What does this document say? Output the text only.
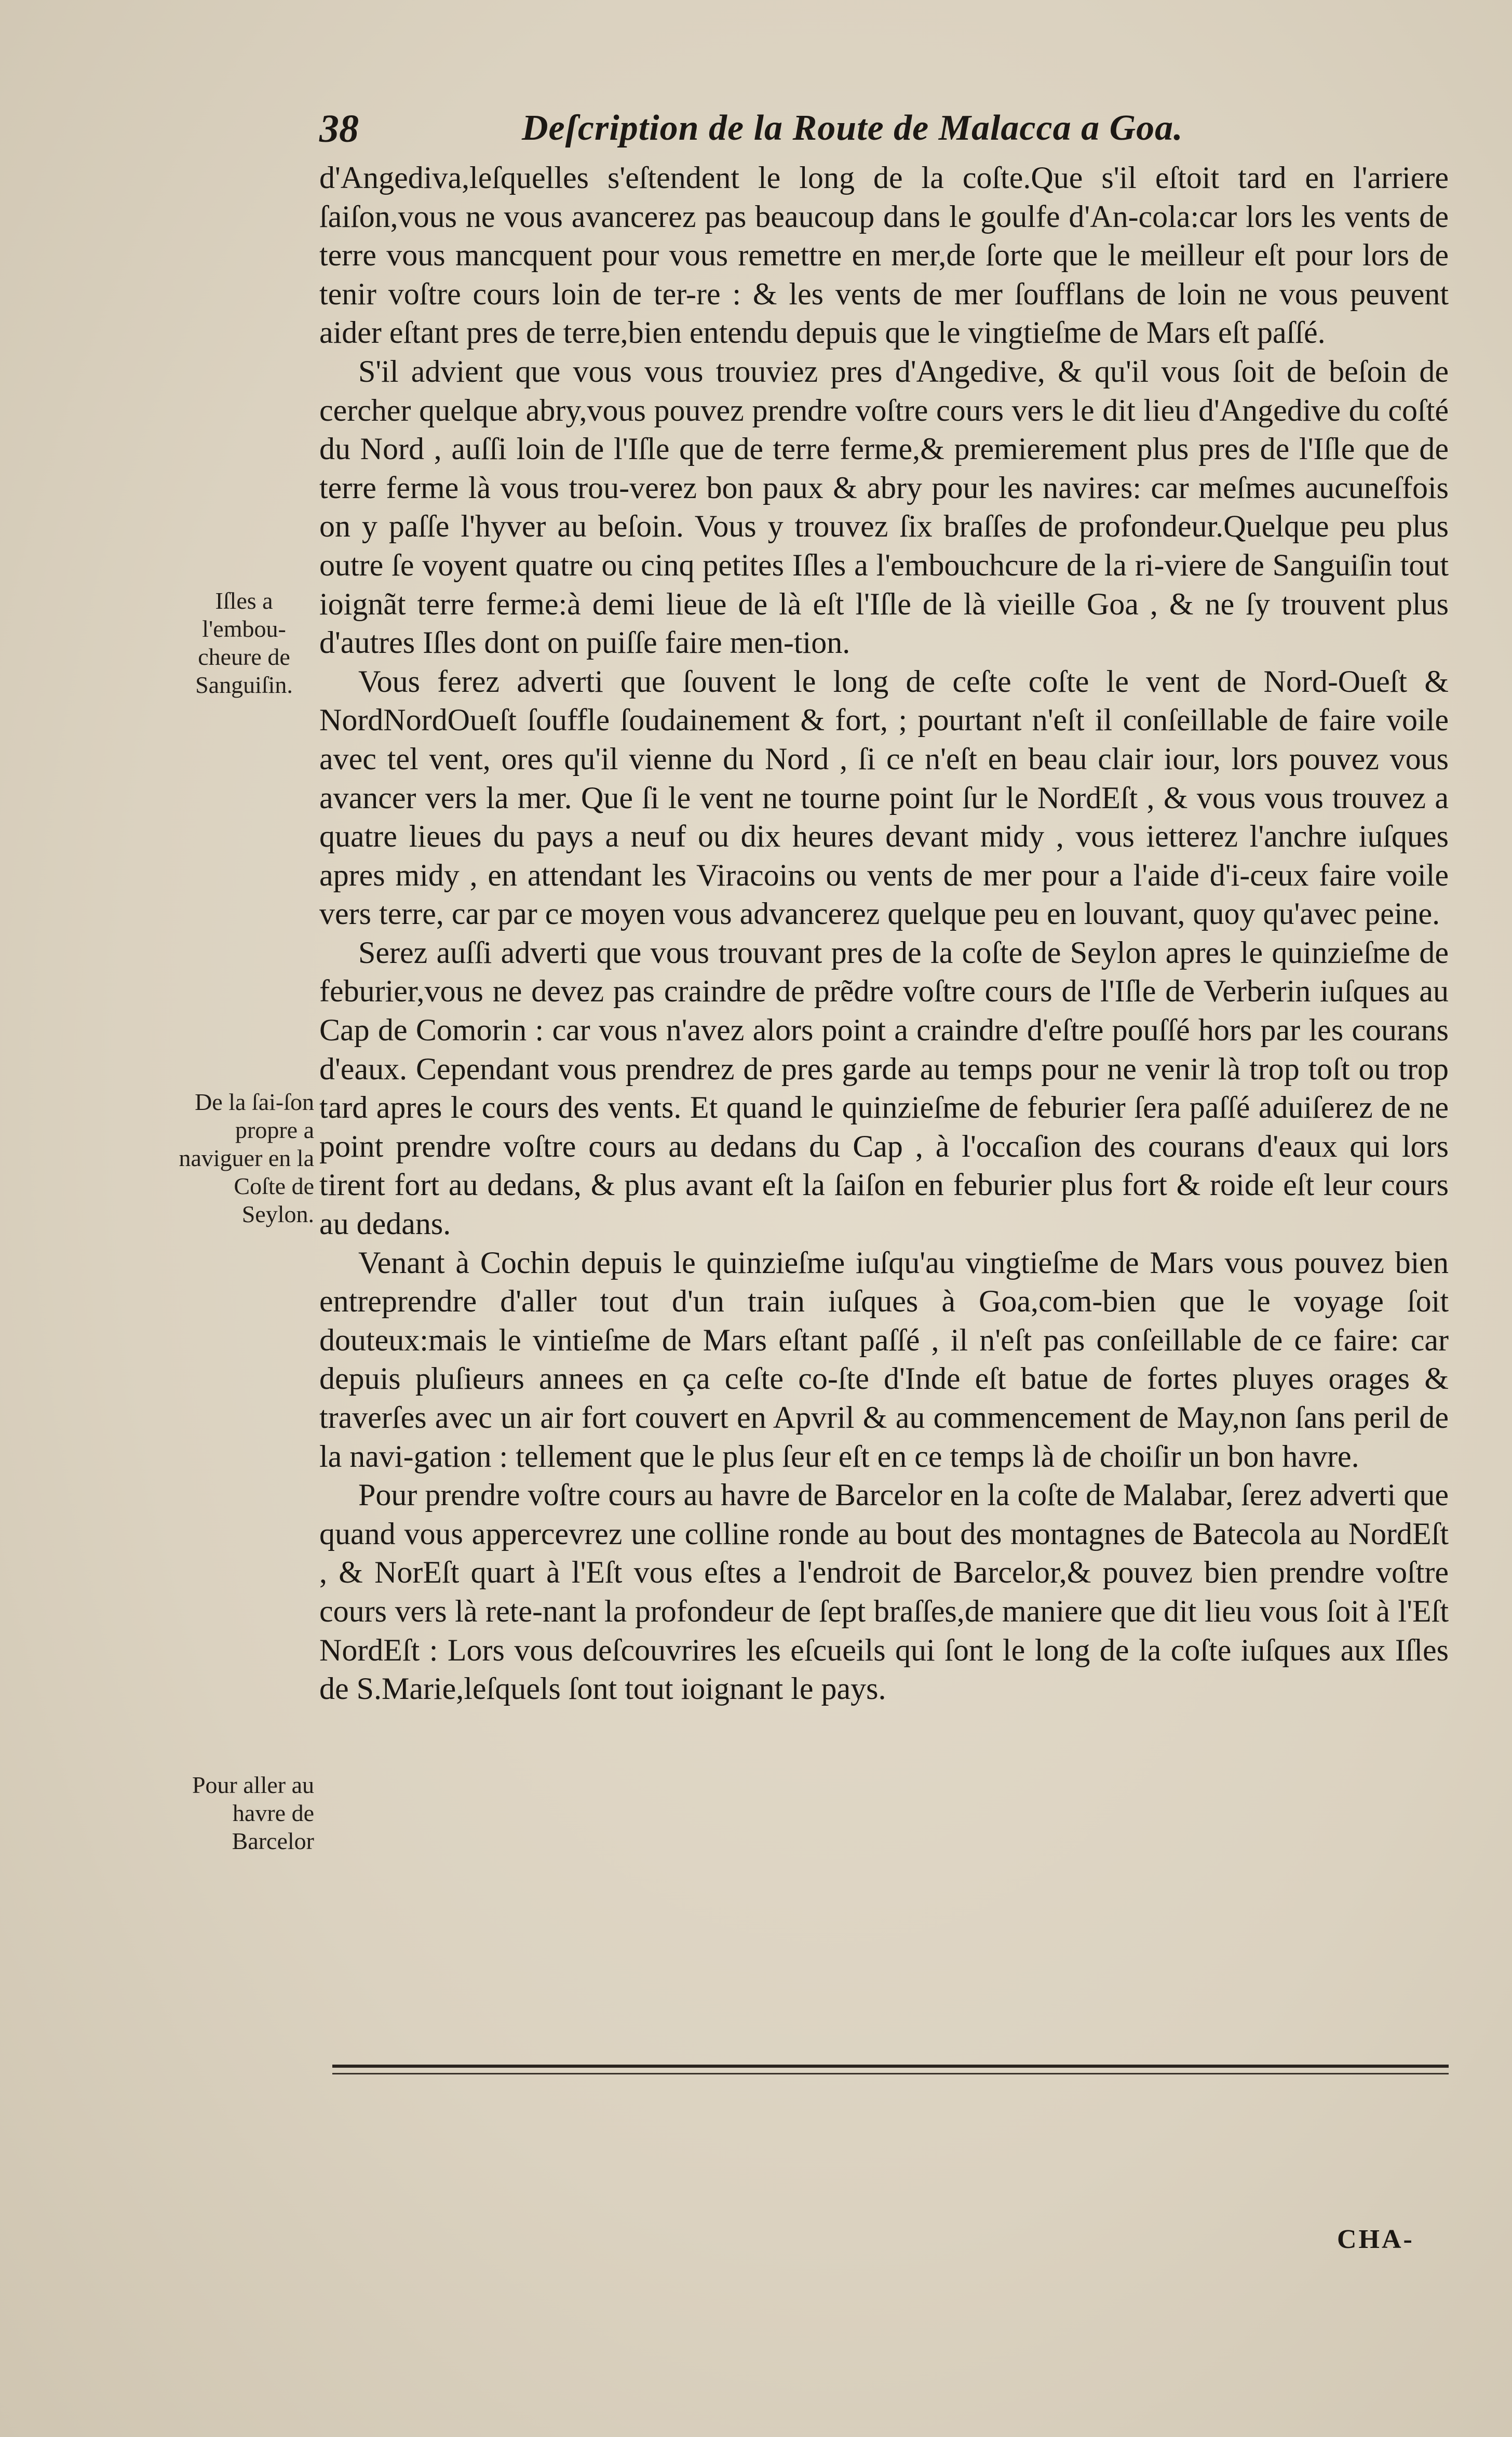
38	Deſcription de la Route de Malacca a Goa.
Iſles a l'embou-cheure de Sanguiſin.
De la ſai-ſon propre a naviguer en la Coſte de Seylon.
Pour aller au havre de Barcelor

d'Angediva,leſquelles s'eſtendent le long de la coſte.Que s'il eſtoit tard en l'arriere ſaiſon,vous ne vous avancerez pas beaucoup dans le goulfe d'An-cola:car lors les vents de terre vous mancquent pour vous remettre en mer,de ſorte que le meilleur eſt pour lors de tenir voſtre cours loin de ter-re : & les vents de mer ſoufflans de loin ne vous peuvent aider eſtant pres de terre,bien entendu depuis que le vingtieſme de Mars eſt paſſé.

S'il advient que vous vous trouviez pres d'Angedive, & qu'il vous ſoit de beſoin de cercher quelque abry,vous pouvez prendre voſtre cours vers le dit lieu d'Angedive du coſté du Nord , auſſi loin de l'Iſle que de terre ferme,& premierement plus pres de l'Iſle que de terre ferme là vous trou-verez bon paux & abry pour les navires: car meſmes aucuneſfois on y paſſe l'hyver au beſoin. Vous y trouvez ſix braſſes de profondeur.Quelque peu plus outre ſe voyent quatre ou cinq petites Iſles a l'embouchcure de la ri-viere de Sanguiſin tout ioignãt terre ferme:à demi lieue de là eſt l'Iſle de là vieille Goa , & ne ſy trouvent plus d'autres Iſles dont on puiſſe faire men-tion.

Vous ferez adverti que ſouvent le long de ceſte coſte le vent de Nord-Oueſt & NordNordOueſt ſouffle ſoudainement & fort, ; pourtant n'eſt il conſeillable de faire voile avec tel vent, ores qu'il vienne du Nord , ſi ce n'eſt en beau clair iour, lors pouvez vous avancer vers la mer. Que ſi le vent ne tourne point ſur le NordEſt , & vous vous trouvez a quatre lieues du pays a neuf ou dix heures devant midy , vous ietterez l'anchre iuſques apres midy , en attendant les Viracoins ou vents de mer pour a l'aide d'i-ceux faire voile vers terre, car par ce moyen vous advancerez quelque peu en louvant, quoy qu'avec peine.

Serez auſſi adverti que vous trouvant pres de la coſte de Seylon apres le quinzieſme de feburier,vous ne devez pas craindre de prẽdre voſtre cours de l'Iſle de Verberin iuſques au Cap de Comorin : car vous n'avez alors point a craindre d'eſtre pouſſé hors par les courans d'eaux. Cependant vous prendrez de pres garde au temps pour ne venir là trop toſt ou trop tard apres le cours des vents. Et quand le quinzieſme de feburier ſera paſſé aduiſerez de ne point prendre voſtre cours au dedans du Cap , à l'occaſion des courans d'eaux qui lors tirent fort au dedans, & plus avant eſt la ſaiſon en feburier plus fort & roide eſt leur cours au dedans.

Venant à Cochin depuis le quinzieſme iuſqu'au vingtieſme de Mars vous pouvez bien entreprendre d'aller tout d'un train iuſques à Goa,com-bien que le voyage ſoit douteux:mais le vintieſme de Mars eſtant paſſé , il n'eſt pas conſeillable de ce faire: car depuis pluſieurs annees en ça ceſte co-ſte d'Inde eſt batue de fortes pluyes orages & traverſes avec un air fort couvert en Apvril & au commencement de May,non ſans peril de la navi-gation : tellement que le plus ſeur eſt en ce temps là de choiſir un bon havre.

Pour prendre voſtre cours au havre de Barcelor en la coſte de Malabar, ſerez adverti que quand vous appercevrez une colline ronde au bout des montagnes de Batecola au NordEſt , & NorEſt quart à l'Eſt vous eſtes a l'endroit de Barcelor,& pouvez bien prendre voſtre cours vers là rete-nant la profondeur de ſept braſſes,de maniere que dit lieu vous ſoit à l'Eſt NordEſt : Lors vous deſcouvrires les eſcueils qui ſont le long de la coſte iuſques aux Iſles de S.Marie,leſquels ſont tout ioignant le pays.

CHA-
